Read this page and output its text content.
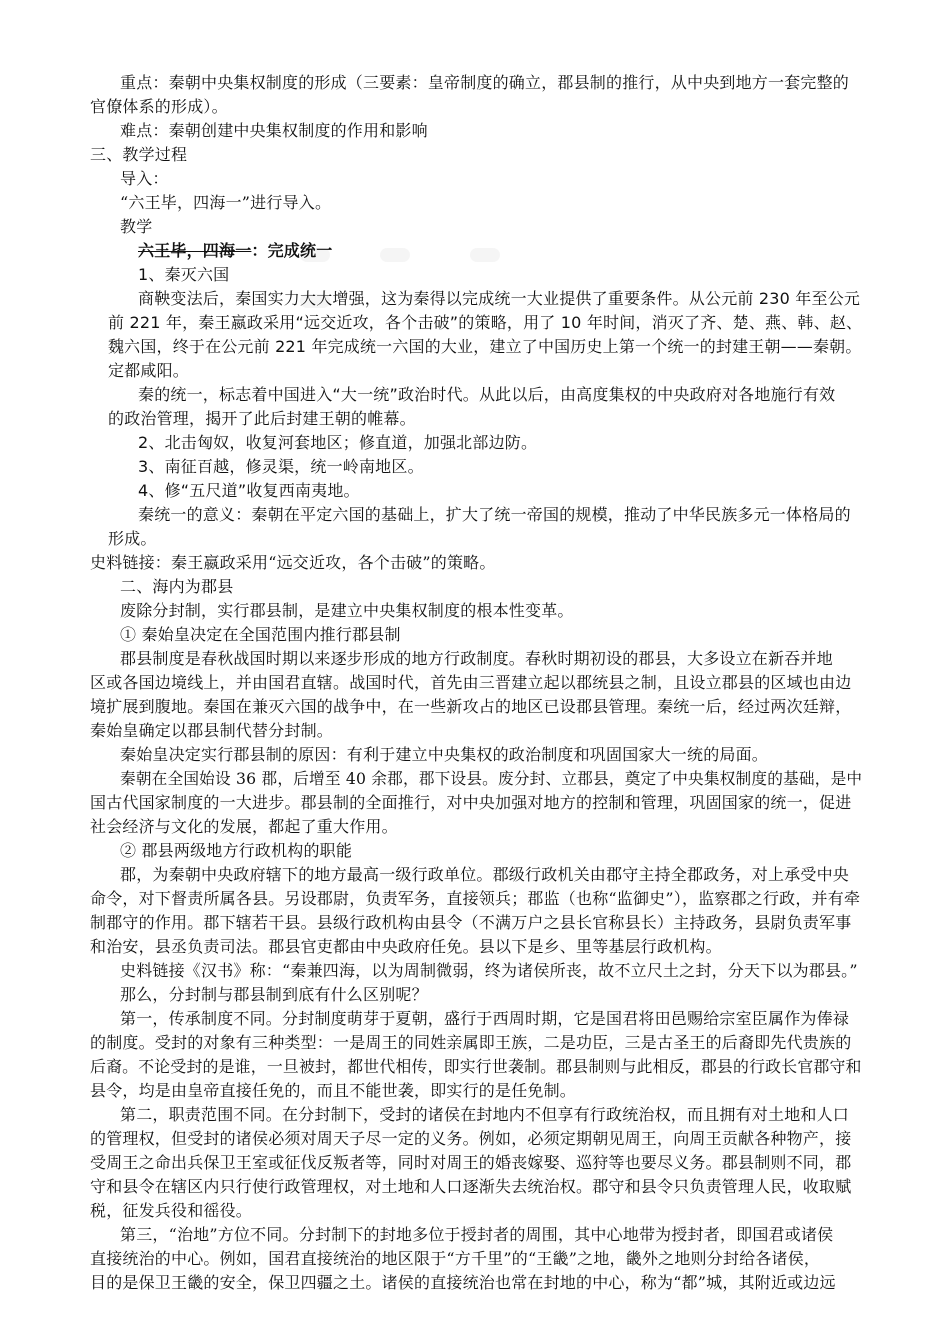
重点：秦朝中央集权制度的形成（三要素：皇帝制度的确立，郡县制的推行，从中央到地方一套完整的
官僚体系的形成）。
难点：秦朝创建中央集权制度的作用和影响
三、教学过程
导入：
“六王毕，四海一”进行导入。
教学
六王毕，四海一：完成统一
1、秦灭六国
商鞅变法后，秦国实力大大增强，这为秦得以完成统一大业提供了重要条件。从公元前 230 年至公元
前 221 年，秦王嬴政采用“远交近攻，各个击破”的策略，用了 10 年时间，消灭了齐、楚、燕、韩、赵、
魏六国，终于在公元前 221 年完成统一六国的大业，建立了中国历史上第一个统一的封建王朝——秦朝。
定都咸阳。
秦的统一，标志着中国进入“大一统”政治时代。从此以后，由高度集权的中央政府对各地施行有效
的政治管理，揭开了此后封建王朝的帷幕。
2、北击匈奴，收复河套地区；修直道，加强北部边防。
3、南征百越，修灵渠，统一岭南地区。
4、修“五尺道”收复西南夷地。
秦统一的意义：秦朝在平定六国的基础上，扩大了统一帝国的规模，推动了中华民族多元一体格局的
形成。
史料链接：秦王嬴政采用“远交近攻，各个击破”的策略。
二、海内为郡县
废除分封制，实行郡县制，是建立中央集权制度的根本性变革。
① 秦始皇决定在全国范围内推行郡县制
郡县制度是春秋战国时期以来逐步形成的地方行政制度。春秋时期初设的郡县，大多设立在新吞并地
区或各国边境线上，并由国君直辖。战国时代，首先由三晋建立起以郡统县之制，且设立郡县的区域也由边
境扩展到腹地。秦国在兼灭六国的战争中，在一些新攻占的地区已设郡县管理。秦统一后，经过两次廷辩，
秦始皇确定以郡县制代替分封制。
秦始皇决定实行郡县制的原因：有利于建立中央集权的政治制度和巩固国家大一统的局面。
秦朝在全国始设 36 郡，后增至 40 余郡，郡下设县。废分封、立郡县，奠定了中央集权制度的基础，是中
国古代国家制度的一大进步。郡县制的全面推行，对中央加强对地方的控制和管理，巩固国家的统一，促进
社会经济与文化的发展，都起了重大作用。
② 郡县两级地方行政机构的职能
郡，为秦朝中央政府辖下的地方最高一级行政单位。郡级行政机关由郡守主持全郡政务，对上承受中央
命令，对下督责所属各县。另设郡尉，负责军务，直接领兵；郡监（也称“监御史”），监察郡之行政，并有牵
制郡守的作用。郡下辖若干县。县级行政机构由县令（不满万户之县长官称县长）主持政务，县尉负责军事
和治安，县丞负责司法。郡县官吏都由中央政府任免。县以下是乡、里等基层行政机构。
史料链接《汉书》称：“秦兼四海，以为周制微弱，终为诸侯所丧，故不立尺土之封，分天下以为郡县。”
那么，分封制与郡县制到底有什么区别呢？
第一，传承制度不同。分封制度萌芽于夏朝，盛行于西周时期，它是国君将田邑赐给宗室臣属作为俸禄
的制度。受封的对象有三种类型：一是周王的同姓亲属即王族，二是功臣，三是古圣王的后裔即先代贵族的
后裔。不论受封的是谁，一旦被封，都世代相传，即实行世袭制。郡县制则与此相反，郡县的行政长官郡守和
县令，均是由皇帝直接任免的，而且不能世袭，即实行的是任免制。
第二，职责范围不同。在分封制下，受封的诸侯在封地内不但享有行政统治权，而且拥有对土地和人口
的管理权，但受封的诸侯必须对周天子尽一定的义务。例如，必须定期朝见周王，向周王贡献各种物产，接
受周王之命出兵保卫王室或征伐反叛者等，同时对周王的婚丧嫁娶、巡狩等也要尽义务。郡县制则不同，郡
守和县令在辖区内只行使行政管理权，对土地和人口逐渐失去统治权。郡守和县令只负责管理人民，收取赋
税，征发兵役和徭役。
第三，“治地”方位不同。分封制下的封地多位于授封者的周围，其中心地带为授封者，即国君或诸侯
直接统治的中心。例如，国君直接统治的地区限于“方千里”的“王畿”之地，畿外之地则分封给各诸侯，
目的是保卫王畿的安全，保卫四疆之土。诸侯的直接统治也常在封地的中心，称为“都”城，其附近或边远
